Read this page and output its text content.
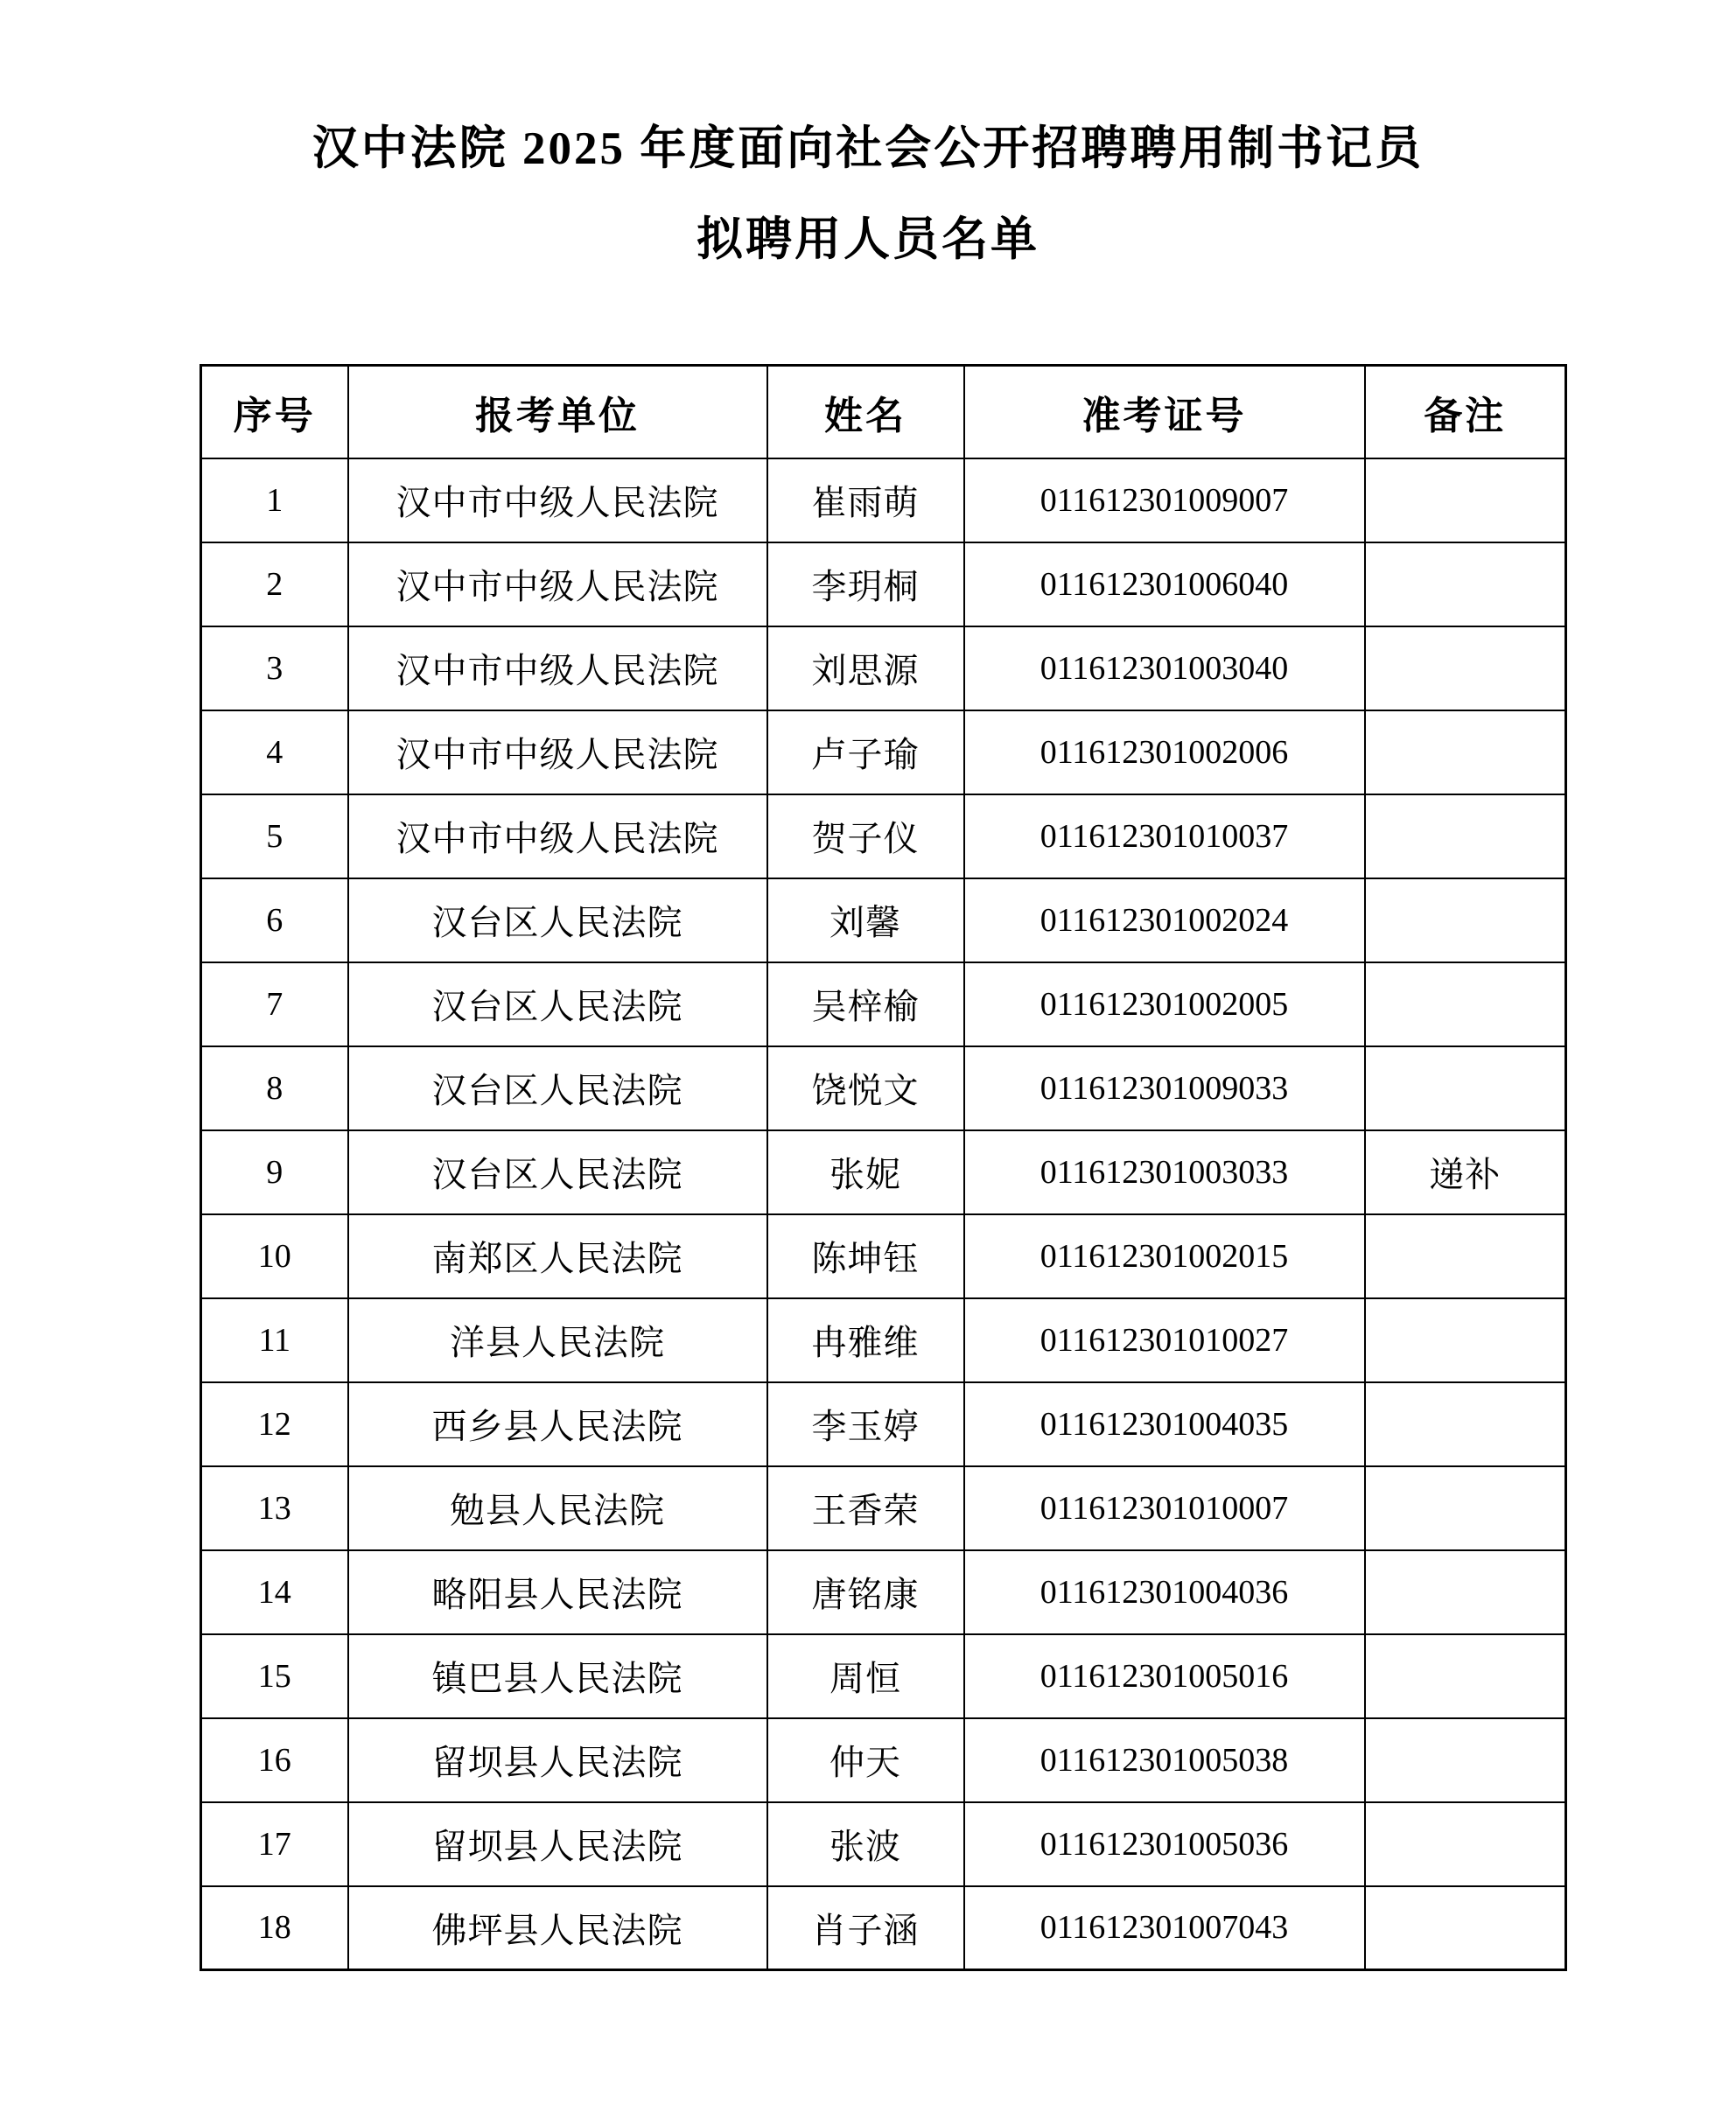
汉中法院 2025 年度面向社会公开招聘聘用制书记员
拟聘用人员名单
序号	报考单位	姓名	准考证号	备注
1	汉中市中级人民法院	崔雨萌	011612301009007	
2	汉中市中级人民法院	李玥桐	011612301006040	
3	汉中市中级人民法院	刘思源	011612301003040	
4	汉中市中级人民法院	卢子瑜	011612301002006	
5	汉中市中级人民法院	贺子仪	011612301010037	
6	汉台区人民法院	刘馨	011612301002024	
7	汉台区人民法院	吴梓榆	011612301002005	
8	汉台区人民法院	饶悦文	011612301009033	
9	汉台区人民法院	张妮	011612301003033	递补
10	南郑区人民法院	陈坤钰	011612301002015	
11	洋县人民法院	冉雅维	011612301010027	
12	西乡县人民法院	李玉婷	011612301004035	
13	勉县人民法院	王香荣	011612301010007	
14	略阳县人民法院	唐铭康	011612301004036	
15	镇巴县人民法院	周恒	011612301005016	
16	留坝县人民法院	仲天	011612301005038	
17	留坝县人民法院	张波	011612301005036	
18	佛坪县人民法院	肖子涵	011612301007043	
